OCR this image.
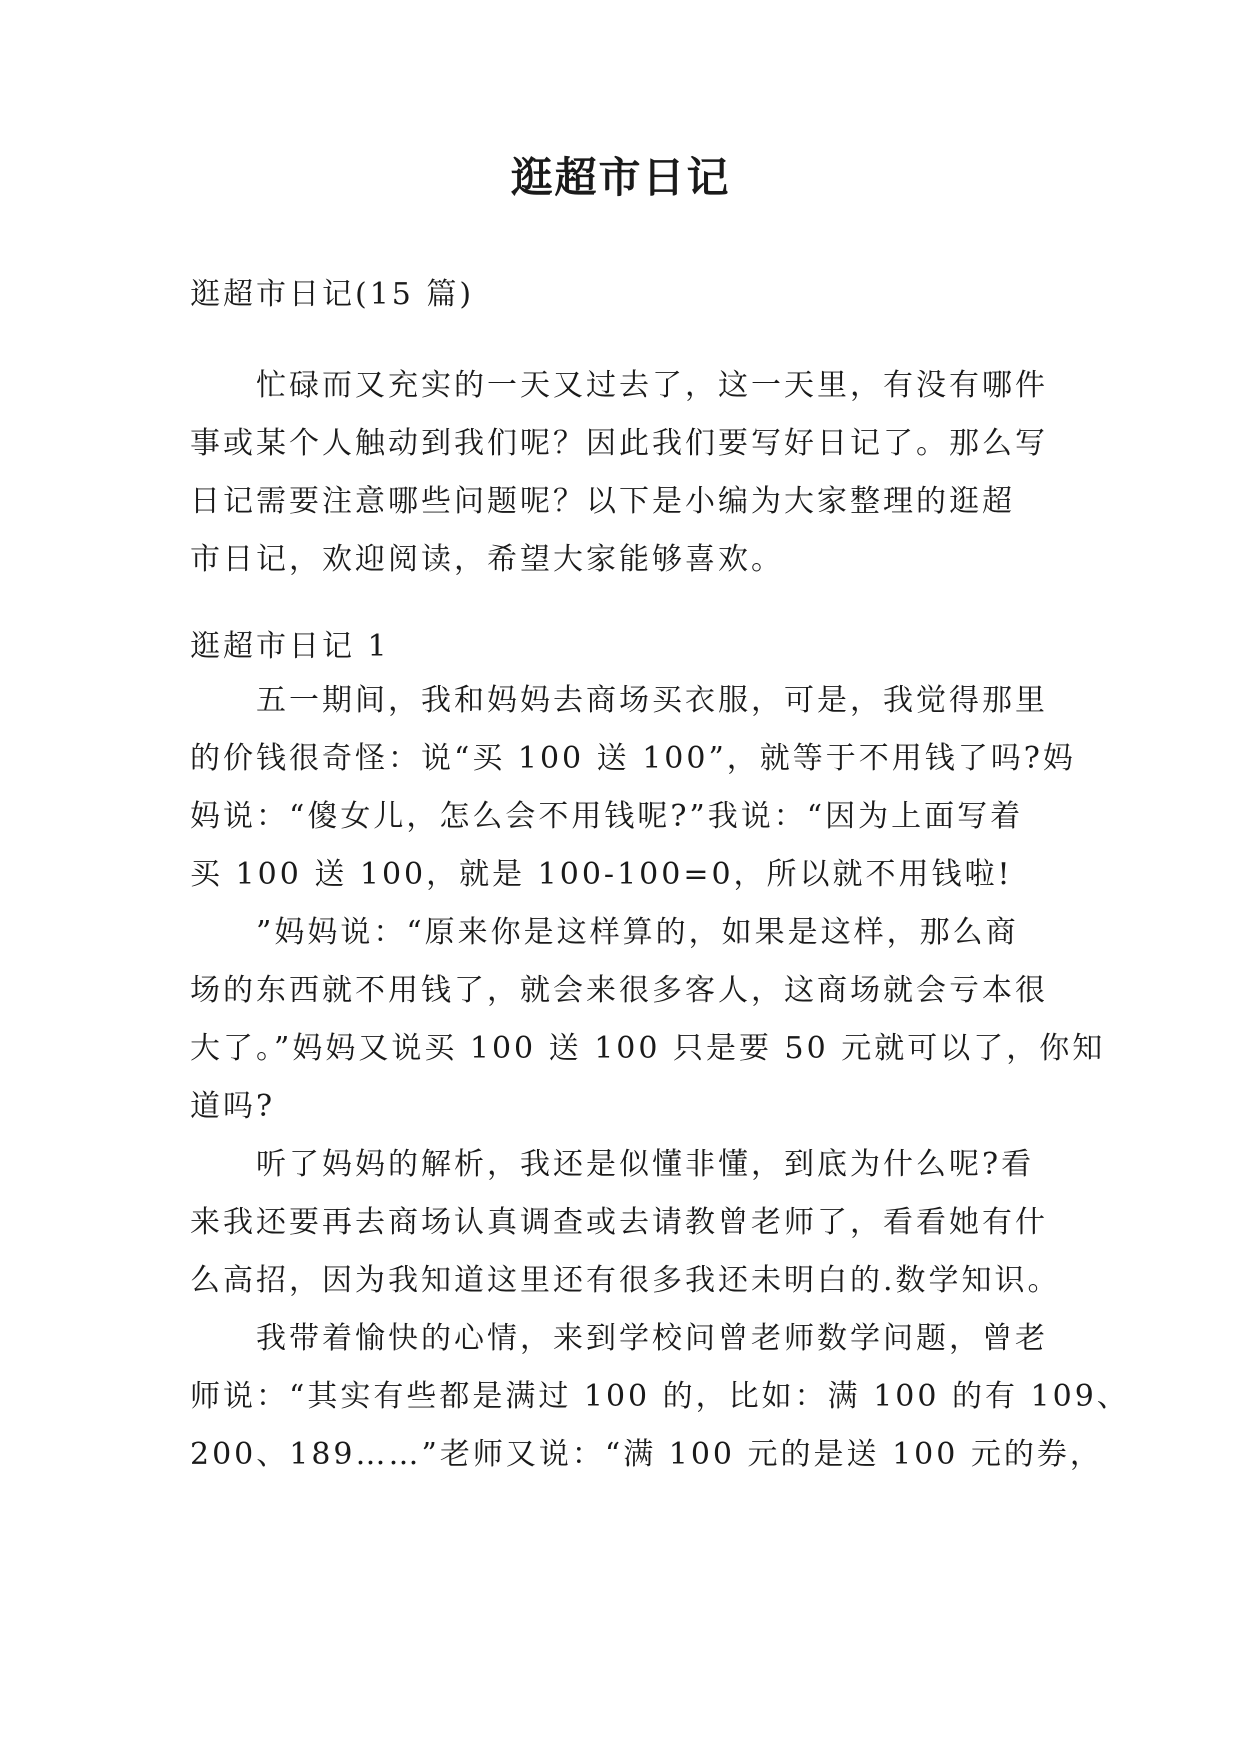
逛超市日记

逛超市日记(15 篇)

忙碌而又充实的一天又过去了，这一天里，有没有哪件
事或某个人触动到我们呢？因此我们要写好日记了。那么写
日记需要注意哪些问题呢？以下是小编为大家整理的逛超
市日记，欢迎阅读，希望大家能够喜欢。

逛超市日记 1

五一期间，我和妈妈去商场买衣服，可是，我觉得那里
的价钱很奇怪：说“买 100 送 100”，就等于不用钱了吗?妈
妈说：“傻女儿，怎么会不用钱呢?”我说：“因为上面写着
买 100 送 100，就是 100-100=0，所以就不用钱啦!
”妈妈说：“原来你是这样算的，如果是这样，那么商
场的东西就不用钱了，就会来很多客人，这商场就会亏本很
大了。”妈妈又说买 100 送 100 只是要 50 元就可以了，你知
道吗?
听了妈妈的解析，我还是似懂非懂，到底为什么呢?看
来我还要再去商场认真调查或去请教曾老师了，看看她有什
么高招，因为我知道这里还有很多我还未明白的.数学知识。
我带着愉快的心情，来到学校问曾老师数学问题，曾老
师说：“其实有些都是满过 100 的，比如：满 100 的有 109、
200、189……”老师又说：“满 100 元的是送 100 元的券，
